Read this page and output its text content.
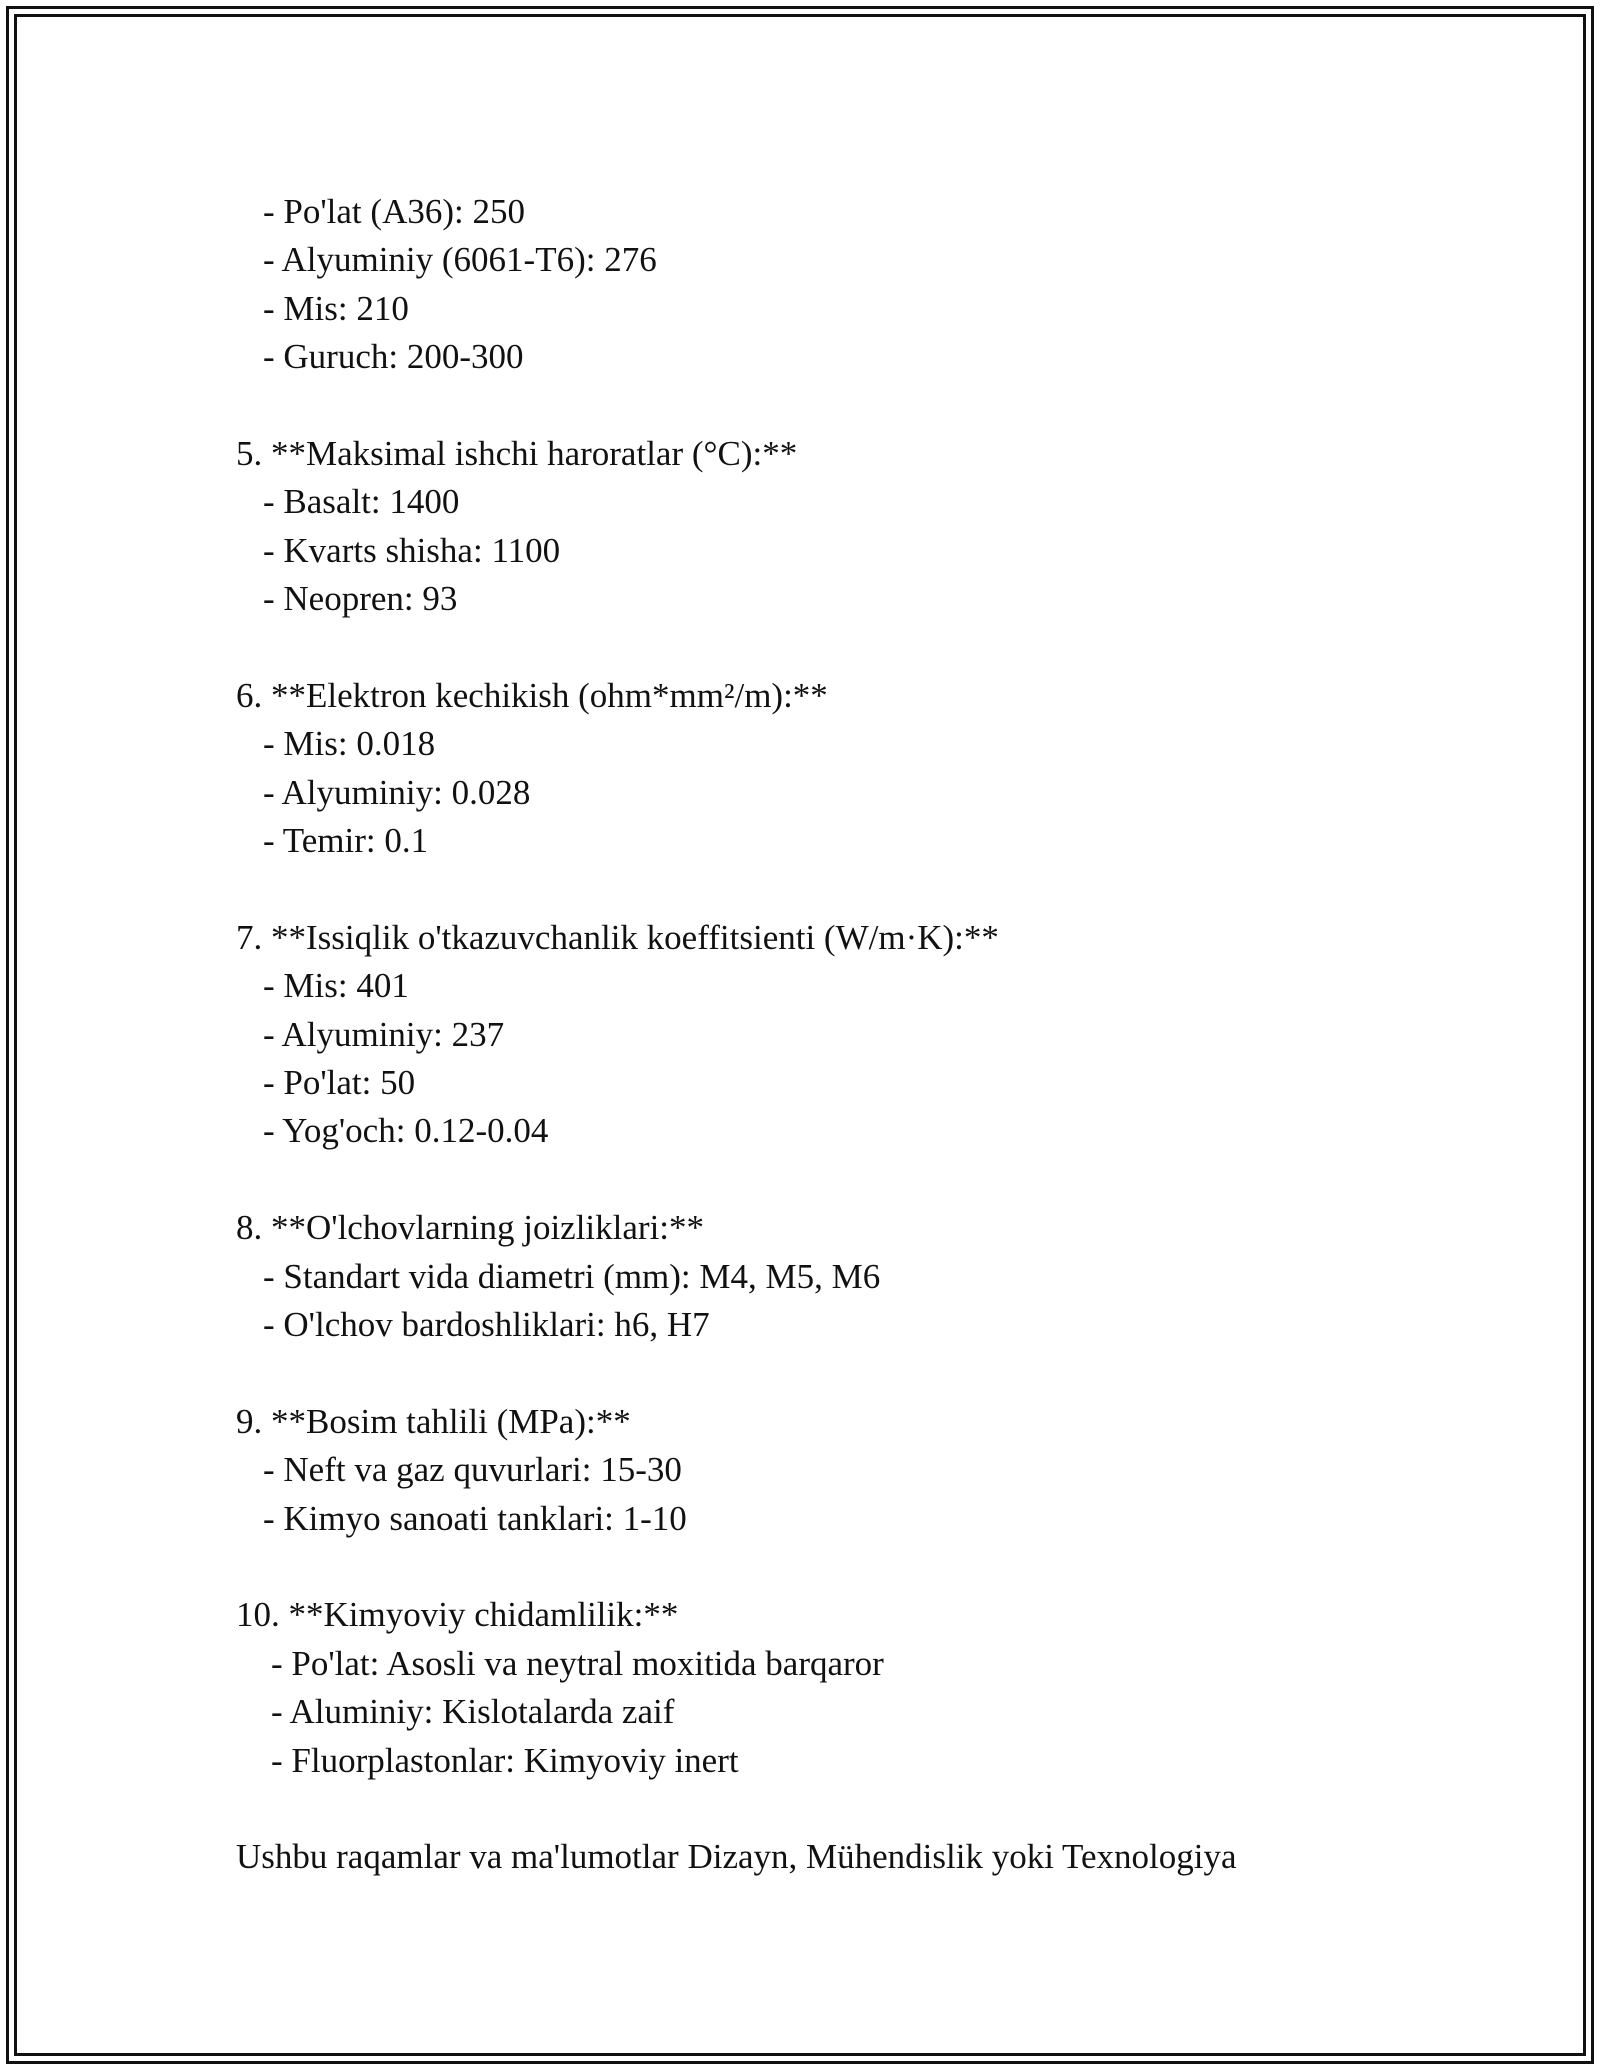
- Po'lat (A36): 250
- Alyuminiy (6061-T6): 276
- Mis: 210
- Guruch: 200-300
5. **Maksimal ishchi haroratlar (°C):**
- Basalt: 1400
- Kvarts shisha: 1100
- Neopren: 93
6. **Elektron kechikish (ohm*mm²/m):**
- Mis: 0.018
- Alyuminiy: 0.028
- Temir: 0.1
7. **Issiqlik o'tkazuvchanlik koeffitsienti (W/m·K):**
- Mis: 401
- Alyuminiy: 237
- Po'lat: 50
- Yog'och: 0.12-0.04
8. **O'lchovlarning joizliklari:**
- Standart vida diametri (mm): M4, M5, M6
- O'lchov bardoshliklari: h6, H7
9. **Bosim tahlili (MPa):**
- Neft va gaz quvurlari: 15-30
- Kimyo sanoati tanklari: 1-10
10. **Kimyoviy chidamlilik:**
- Po'lat: Asosli va neytral moxitida barqaror
- Aluminiy: Kislotalarda zaif
- Fluorplastonlar: Kimyoviy inert
Ushbu raqamlar va ma'lumotlar Dizayn, Mühendislik yoki Texnologiya
